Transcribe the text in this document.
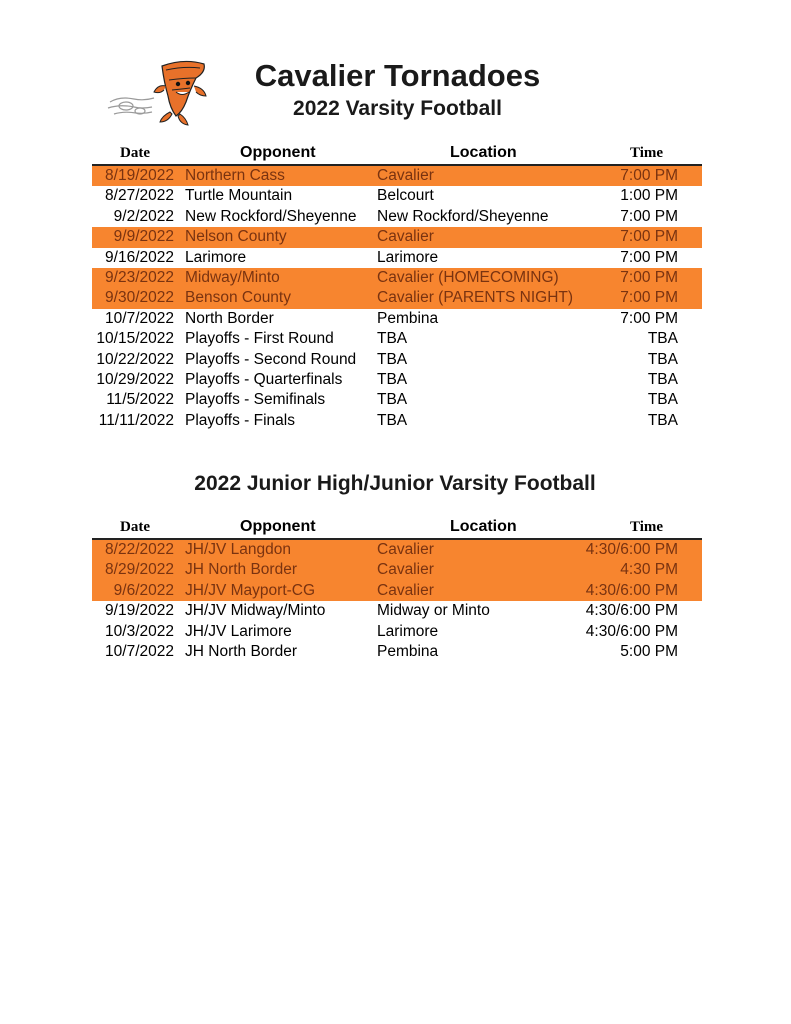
Cavalier Tornadoes
2022 Varsity Football
Date	Opponent	Location	Time
8/19/2022 Northern Cass	Cavalier	7:00 PM
8/27/2022 Turtle Mountain	Belcourt	1:00 PM
9/2/2022 New Rockford/Sheyenne New Rockford/Sheyenne	7:00 PM
9/9/2022 Nelson County	Cavalier	7:00 PM
9/16/2022 Larimore	Larimore	7:00 PM
9/23/2022 Midway/Minto	Cavalier (HOMECOMING)	7:00 PM
9/30/2022 Benson County	Cavalier (PARENTS NIGHT)	7:00 PM
10/7/2022 North Border	Pembina	7:00 PM
10/15/2022 Playoffs - First Round	TBA	TBA
10/22/2022 Playoffs - Second Round TBA	TBA
10/29/2022 Playoffs - Quarterfinals TBA	TBA
11/5/2022 Playoffs - Semifinals	TBA	TBA
11/11/2022 Playoffs - Finals	TBA	TBA
2022 Junior High/Junior Varsity Football
Date	Opponent	Location	Time
8/22/2022 JH/JV Langdon	Cavalier	4:30/6:00 PM
8/29/2022 JH North Border	Cavalier	4:30 PM
9/6/2022 JH/JV Mayport-CG	Cavalier	4:30/6:00 PM
9/19/2022 JH/JV Midway/Minto	Midway or Minto	4:30/6:00 PM
10/3/2022 JH/JV Larimore	Larimore	4:30/6:00 PM
10/7/2022 JH North Border	Pembina	5:00 PM
